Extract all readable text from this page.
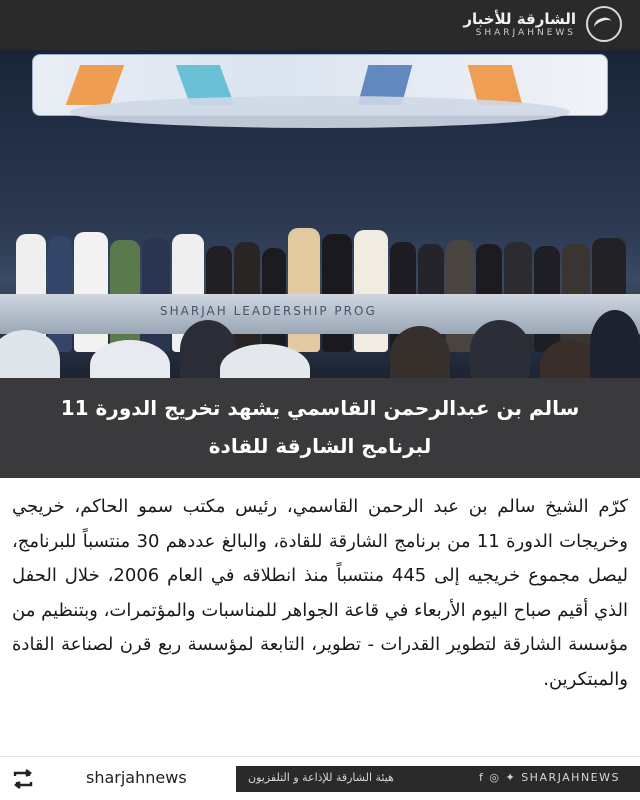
الشارقة للأخبار
SHARJAHNEWS
SHARJAH LEADERSHIP PROG
سالم بن عبدالرحمن القاسمي يشهد تخريج الدورة 11
لبرنامج الشارقة للقادة
كرّم الشيخ سالم بن عبد الرحمن القاسمي، رئيس مكتب سمو الحاكم، خريجي وخريجات الدورة 11 من برنامج الشارقة للقادة، والبالغ عددهم 30 منتسباً للبرنامج، ليصل مجموع خريجيه إلى 445 منتسباً منذ انطلاقه في العام 2006، خلال الحفل الذي أقيم صباح اليوم الأربعاء في قاعة الجواهر للمناسبات والمؤتمرات، وبتنظيم من مؤسسة الشارقة لتطوير القدرات - تطوير، التابعة لمؤسسة ربع قرن لصناعة القادة والمبتكرين.
sharjahnews	هيئة الشارقة للإذاعة و التلفزيون	f ◎ ✦ SHARJAHNEWS
